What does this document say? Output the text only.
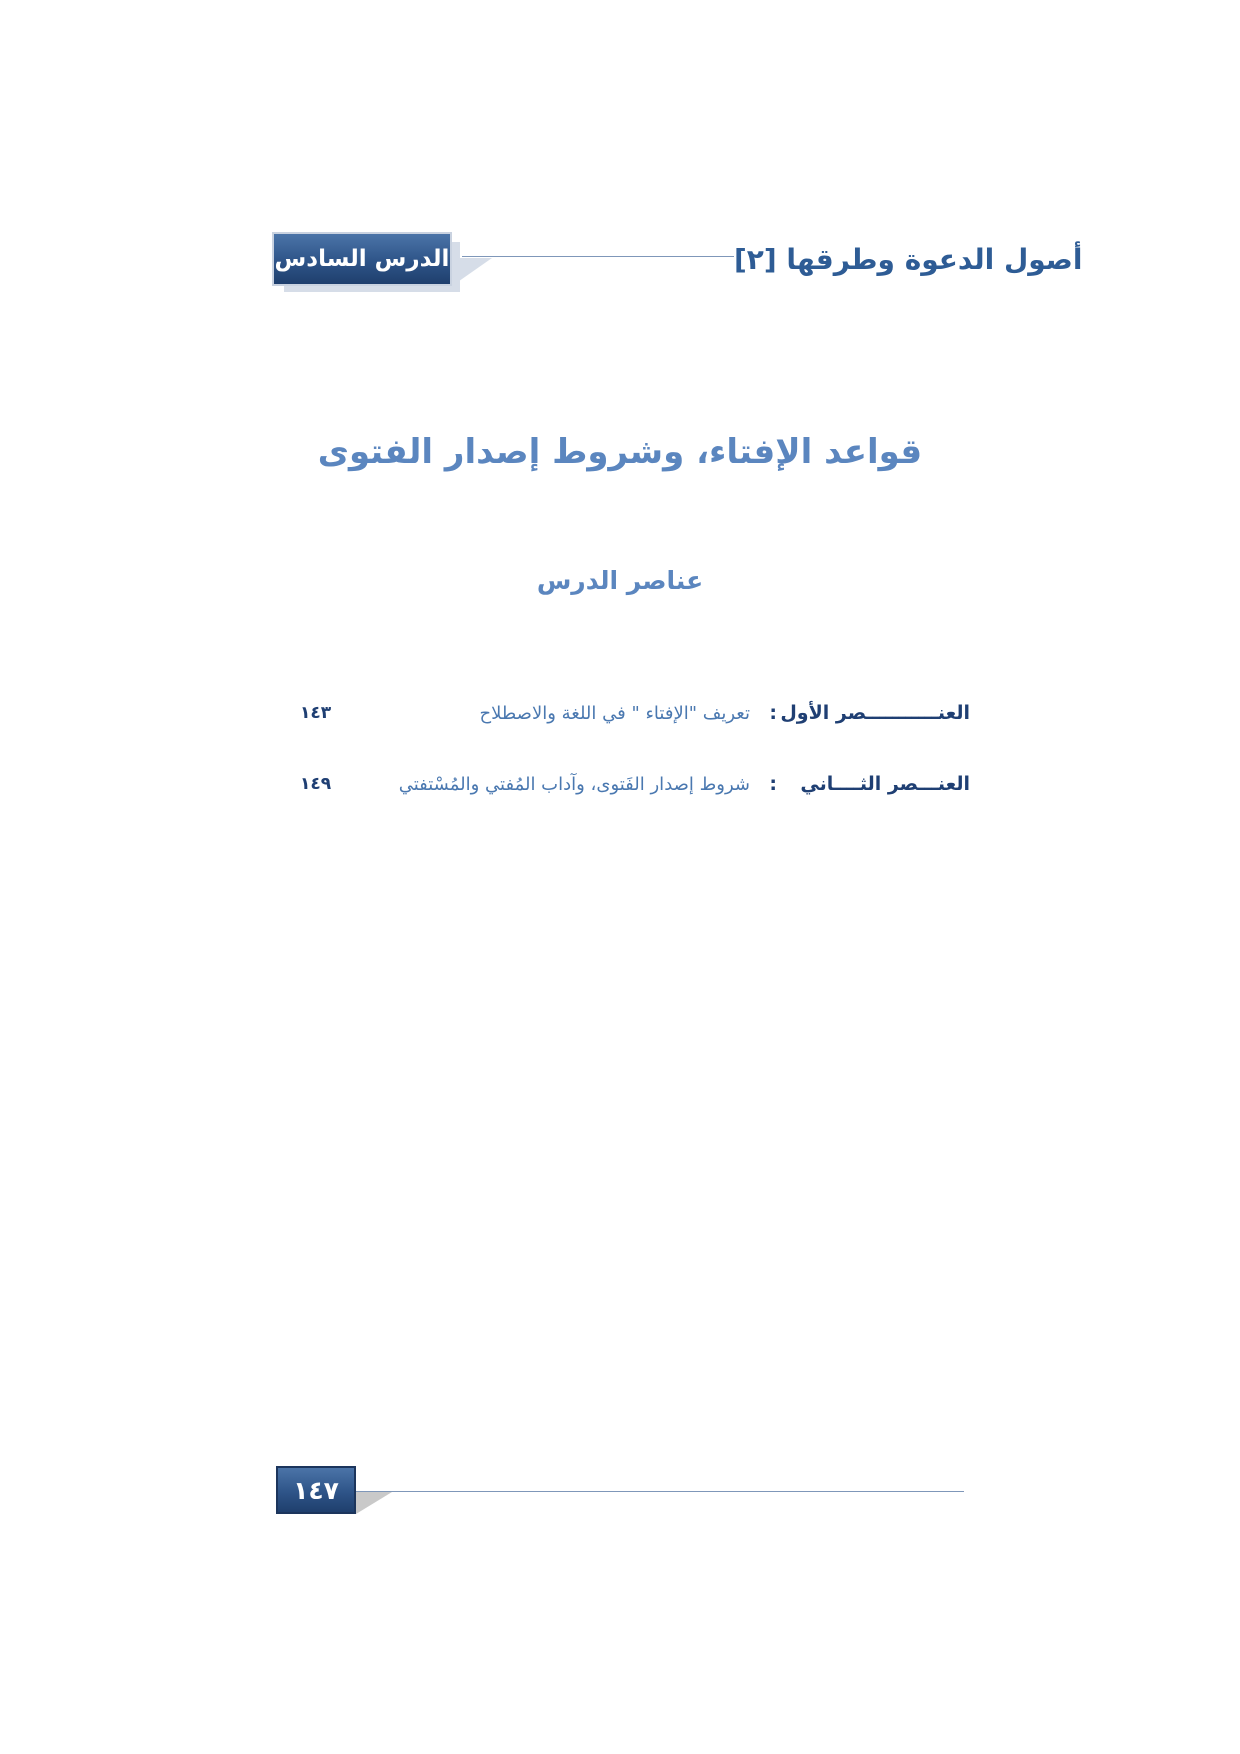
الدرس السادس	أصول الدعوة وطرقها [٢]
قواعد الإفتاء، وشروط إصدار الفتوى
عناصر الدرس
العنـــــــــــصر الأول
:
تعريف "الإفتاء " في اللغة والاصطلاح
١٤٣
العنـــصر الثــــاني
:
شروط إصدار الفَتوى، وآداب المُفتي والمُسْتفتي
١٤٩
١٤٧
